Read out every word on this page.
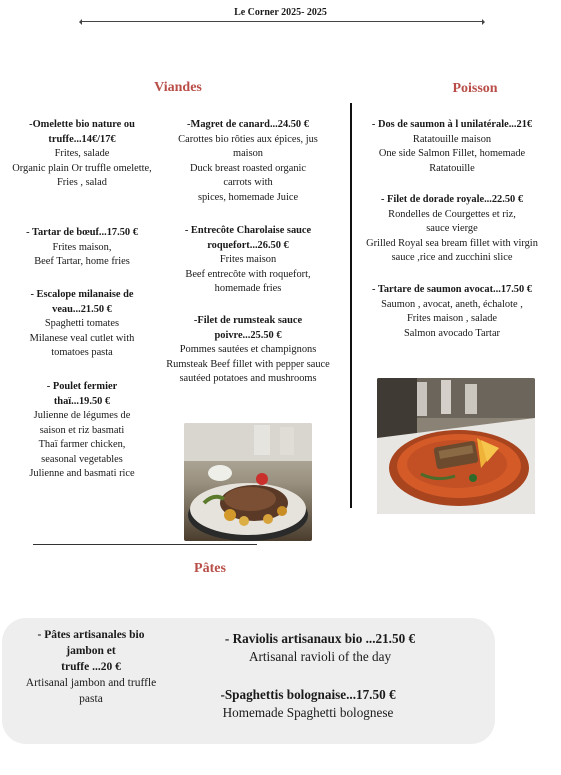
Le Corner 2025- 2025
Viandes
-Omelette bio nature ou truffe...14€/17€
Frites, salade
Organic plain Or truffle omelette,
Fries , salad
- Tartar de bœuf...17.50 €
Frites maison,
Beef Tartar, home fries
- Escalope milanaise de veau...21.50 €
Spaghetti tomates
Milanese veal cutlet with tomatoes pasta
- Poulet fermier thaï...19.50 €
Julienne de légumes de saison et riz basmati
Thaï farmer chicken, seasonal vegetables
Julienne and basmati rice
-Magret de canard...24.50 €
Carottes bio rôties aux épices, jus maison
Duck breast roasted organic carrots with
spices, homemade Juice
- Entrecôte Charolaise sauce roquefort...26.50 €
Frites maison
Beef entrecôte with roquefort,
homemade fries
-Filet de rumsteak sauce poivre...25.50 €
Pommes sautées et champignons
Rumsteak Beef fillet with pepper sauce
sautéed potatoes and mushrooms
Poisson
- Dos de saumon à l unilatérale...21€
Ratatouille maison
One side Salmon Fillet, homemade
Ratatouille
- Filet de dorade royale...22.50 €
Rondelles de Courgettes et riz,
sauce vierge
Grilled Royal sea bream fillet with virgin
sauce ,rice and zucchini slice
- Tartare de saumon avocat...17.50 €
Saumon , avocat, aneth, échalote ,
Frites maison , salade
Salmon avocado Tartar
Pâtes
- Pâtes artisanales bio
jambon et
truffe ...20 €
Artisanal jambon and truffle
pasta
- Raviolis artisanaux bio ...21.50 €
Artisanal ravioli of the day
-Spaghettis bolognaise...17.50 €
Homemade Spaghetti bolognese
